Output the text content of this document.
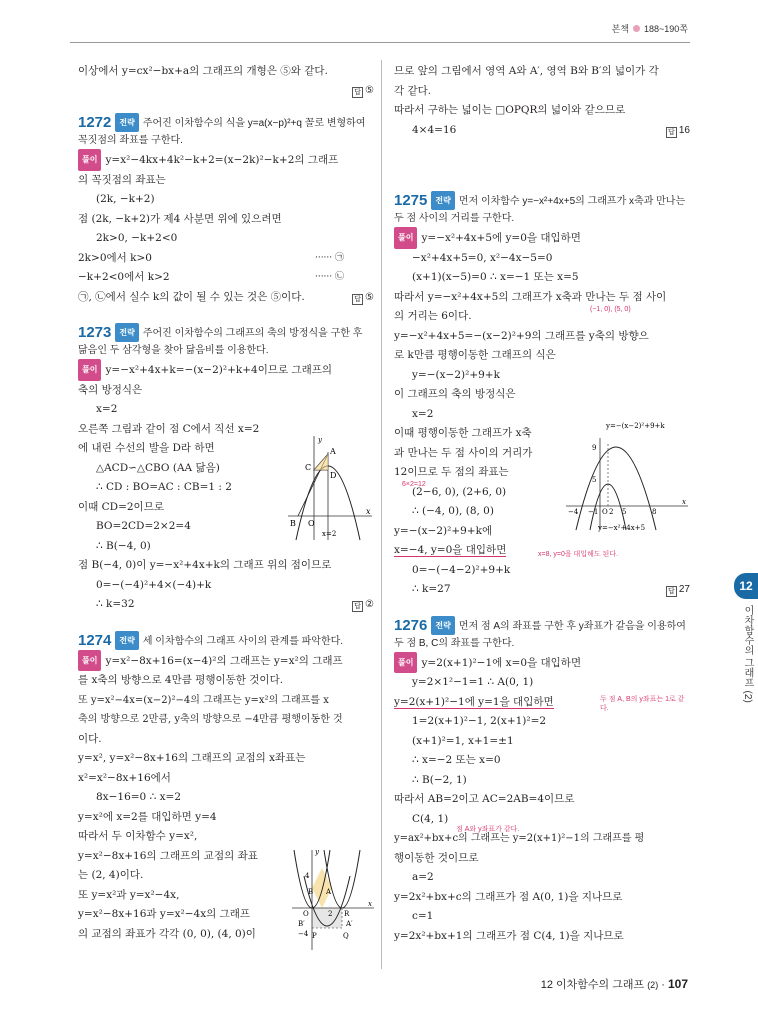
본책 188~190쪽
이상에서 y=cx²−bx+a의 그래프의 개형은 ⑤와 같다.
답 ⑤

1272 전략 주어진 이차함수의 식을 y=a(x−p)²+q 꼴로 변형하여 꼭짓점의 좌표를 구한다.
풀이 y=x²−4kx+4k²−k+2=(x−2k)²−k+2의 그래프
의 꼭짓점의 좌표는
(2k, −k+2)
점 (2k, −k+2)가 제4 사분면 위에 있으려면
2k>0, −k+2<0
2k>0에서 k>0	······ ㉠
−k+2<0에서 k>2	······ ㉡
㉠, ㉡에서 실수 k의 값이 될 수 있는 것은 ⑤이다.	답 ⑤
1273 전략 주어진 이차함수의 그래프의 축의 방정식을 구한 후 닮음인 두 삼각형을 찾아 닮음비를 이용한다.
풀이 y=−x²+4x+k=−(x−2)²+k+4이므로 그래프의
축의 방정식은
x=2
오른쪽 그림과 같이 점 C에서 직선 x=2
에 내린 수선의 발을 D라 하면
△ACD∽△CBO (AA 닮음)
∴ CD : BO=AC : CB=1 : 2
이때 CD=2이므로
BO=2CD=2×2=4
∴ B(−4, 0)
점 B(−4, 0)이 y=−x²+4x+k의 그래프 위의 점이므로
0=−(−4)²+4×(−4)+k
∴ k=32	답 ②
1274 전략 세 이차함수의 그래프 사이의 관계를 파악한다.
풀이 y=x²−8x+16=(x−4)²의 그래프는 y=x²의 그래프
를 x축의 방향으로 4만큼 평행이동한 것이다.
또 y=x²−4x=(x−2)²−4의 그래프는 y=x²의 그래프를 x
축의 방향으로 2만큼, y축의 방향으로 −4만큼 평행이동한 것
이다.
y=x², y=x²−8x+16의 그래프의 교점의 x좌표는
x²=x²−8x+16에서
8x−16=0 ∴ x=2
y=x²에 x=2를 대입하면 y=4
따라서 두 이차함수 y=x²,
y=x²−8x+16의 그래프의 교점의 좌표
는 (2, 4)이다.
또 y=x²과 y=x²−4x,
y=x²−8x+16과 y=x²−4x의 그래프
의 교점의 좌표가 각각 (0, 0), (4, 0)이
y
A
C
D
B O
x
x=2
y
4
B A
O	2 R
x
B′	A′
−4 P	Q
므로 앞의 그림에서 영역 A와 A′, 영역 B와 B′의 넓이가 각
각 같다.
따라서 구하는 넓이는 □OPQR의 넓이와 같으므로
4×4=16	답 16

1275 전략 먼저 이차함수 y=−x²+4x+5의 그래프가 x축과 만나는 두 점 사이의 거리를 구한다.
풀이 y=−x²+4x+5에 y=0을 대입하면
−x²+4x+5=0, x²−4x−5=0
(x+1)(x−5)=0 ∴ x=−1 또는 x=5
따라서 y=−x²+4x+5의 그래프가 x축과 만나는 두 점 사이
(−1, 0), (5, 0)
의 거리는 6이다.
y=−x²+4x+5=−(x−2)²+9의 그래프를 y축의 방향으
로 k만큼 평행이동한 그래프의 식은
y=−(x−2)²+9+k
이 그래프의 축의 방정식은
x=2
이때 평행이동한 그래프가 x축
과 만나는 두 점 사이의 거리가
12이므로 두 점의 좌표는
6×2=12
(2−6, 0), (2+6, 0)
∴ (−4, 0), (8, 0)
y=−(x−2)²+9+k에
x=−4, y=0을 대입하면	x=8, y=0을 대입해도 된다.
0=−(−4−2)²+9+k
∴ k=27	답 27
1276 전략 먼저 점 A의 좌표를 구한 후 y좌표가 같음을 이용하여 두 점 B, C의 좌표를 구한다.
풀이 y=2(x+1)²−1에 x=0을 대입하면
y=2×1²−1=1 ∴ A(0, 1)
y=2(x+1)²−1에 y=1을 대입하면	두 점 A, B의 y좌표는 1로 같다.
1=2(x+1)²−1, 2(x+1)²=2
(x+1)²=1, x+1=±1
∴ x=−2 또는 x=0
∴ B(−2, 1)
따라서 AB=2이고 AC=2AB=4이므로
C(4, 1)
점 A와 y좌표가 같다.
y=ax²+bx+c의 그래프는 y=2(x+1)²−1의 그래프를 평
행이동한 것이므로
a=2
y=2x²+bx+c의 그래프가 점 A(0, 1)을 지나므로
c=1
y=2x²+bx+1의 그래프가 점 C(4, 1)을 지나므로
y=−(x−2)²+9+k
9
5
−4 −1 O 2 5	8
x
y=−x²+4x+5
12
이차함수의 그래프 (2)
12 이차함수의 그래프 (2) · 107
